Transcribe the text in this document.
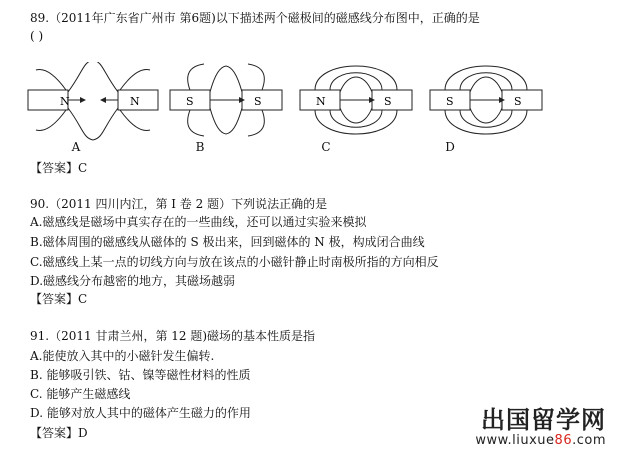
89.（2011年广东省广州市 第6题)以下描述两个磁极间的磁感线分布图中，正确的是
( )
N	N	S	S	N	S	S	S
A	B	C	D
【答案】C
90.（2011 四川内江，第 I 卷 2 题）下列说法正确的是
A.磁感线是磁场中真实存在的一些曲线，还可以通过实验来模拟
B.磁体周围的磁感线从磁体的 S 极出来，回到磁体的 N 极，构成闭合曲线
C.磁感线上某一点的切线方向与放在该点的小磁针静止时南极所指的方向相反
D.磁感线分布越密的地方，其磁场越弱
【答案】C
91.（2011 甘肃兰州，第 12 题)磁场的基本性质是指
A.能使放入其中的小磁针发生偏转.
B. 能够吸引铁、钴、镍等磁性材料的性质
C. 能够产生磁感线
D. 能够对放人其中的磁体产生磁力的作用
【答案】D	出国留学网
www.liuxue86.com
